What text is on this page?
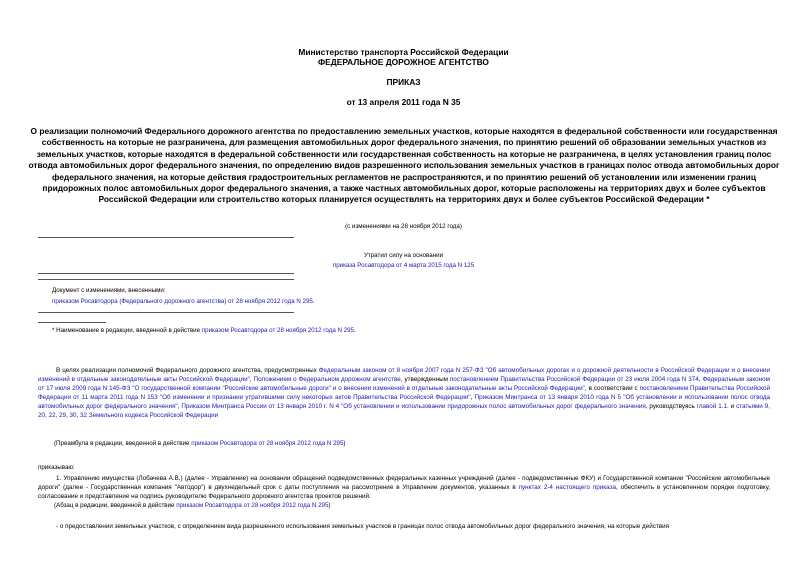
Министерство транспорта Российской Федерации
ФЕДЕРАЛЬНОЕ ДОРОЖНОЕ АГЕНТСТВО
ПРИКАЗ
от 13 апреля 2011 года N 35
О реализации полномочий Федерального дорожного агентства по предоставлению земельных участков, которые находятся в федеральной собственности или государственная собственность на которые не разграничена, для размещения автомобильных дорог федерального значения, по принятию решений об образовании земельных участков из земельных участков, которые находятся в федеральной собственности или государственная собственность на которые не разграничена, в целях установления границ полос отвода автомобильных дорог федерального значения, по определению видов разрешенного использования земельных участков в границах полос отвода автомобильных дорог федерального значения, на которые действия градостроительных регламентов не распространяются, и по принятию решений об установлении или изменении границ придорожных полос автомобильных дорог федерального значения, а также частных автомобильных дорог, которые расположены на территориях двух и более субъектов Российской Федерации или строительство которых планируется осуществлять на территориях двух и более субъектов Российской Федерации *
(с изменениями на 28 ноября 2012 года)
Утратил силу на основании
приказа Росавтодора от 4 марта 2015 года N 125
Документ с изменениями, внесенными:
приказом Росавтодора (Федерального дорожного агентства) от 28 ноября 2012 года N 295.
* Наименование в редакции, введенной в действие приказом Росавтодора от 28 ноября 2012 года N 295.
В целях реализации полномочий Федерального дорожного агентства, предусмотренных Федеральным законом от 8 ноября 2007 года N 257-ФЗ "Об автомобильных дорогах и о дорожной деятельности в Российской Федерации и о внесении изменений в отдельные законодательные акты Российской Федерации", Положением о Федеральном дорожном агентстве, утвержденным постановлением Правительства Российской Федерации от 23 июля 2004 года N 374, Федеральным законом от 17 июля 2009 года N 145-ФЗ "О государственной компании "Российские автомобильные дороги" и о внесении изменений в отдельные законодательные акты Российской Федерации", в соответствии с постановлением Правительства Российской Федерации от 11 марта 2011 года N 153 "Об изменении и признании утратившими силу некоторых актов Правительства Российской Федерации", Приказом Минтранса от 13 января 2010 года N 5 "Об установлении и использовании полос отвода автомобильных дорог федерального значения", Приказом Минтранса России от 13 января 2010 г. N 4 "Об установлении и использовании придорожных полос автомобильных дорог федерального значения, руководствуясь главой 1.1. и статьями 9, 20, 22, 29, 30, 32 Земельного кодекса Российской Федерации
(Преамбула в редакции, введенной в действие приказом Росавтодора от 28 ноября 2012 года N 295)
приказываю:
1. Управлению имущества (Лобачева А.В.) (далее - Управление) на основании обращений подведомственных федеральных казенных учреждений (далее - подведомственные ФКУ) и Государственной компании "Российские автомобильные дороги" (далее - Государственная компания "Автодор") в двухнедельный срок с даты поступления на рассмотрение в Управление документов, указанных в пунктах 2-4 настоящего приказа, обеспечить в установленном порядке подготовку, согласование и представление на подпись руководителю Федерального дорожного агентства проектов решений:
(Абзац в редакции, введенной в действие приказом Росавтодора от 28 ноября 2012 года N 295)
- о предоставлении земельных участков, с определением вида разрешенного использования земельных участков в границах полос отвода автомобильных дорог федерального значения, на которые действия
